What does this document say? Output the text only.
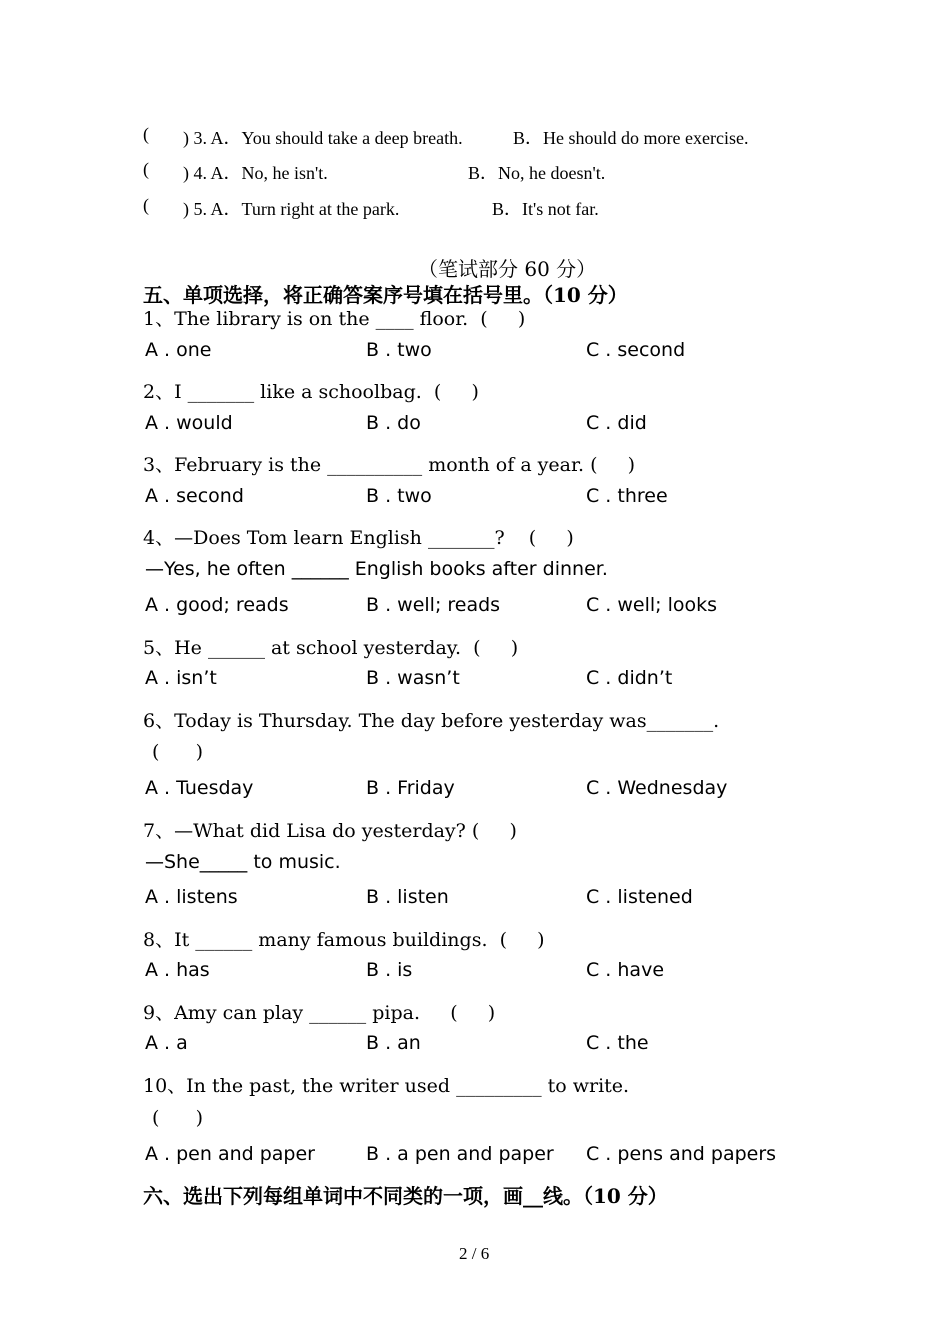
( ) 3. A．You should take a deep breath.	B．He should do more exercise.
( ) 4. A．No, he isn't.	B．No, he doesn't.
( ) 5. A．Turn right at the park.	B．It's not far.
（笔试部分 60 分）
五、单项选择，将正确答案序号填在括号里。（10 分）
1、The library is on the ____ floor.  (     )
A . one	B . two	C . second
2、I _______ like a schoolbag.  (     )
A . would	B . do	C . did
3、February is the __________ month of a year. (     )
A . second	B . two	C . three
4、—Does Tom learn English _______?    (     )
—Yes, he often ______ English books after dinner.
A . good; reads	B . well; reads	C . well; looks
5、He ______ at school yesterday.  (     )
A . isn’t	B . wasn’t	C . didn’t
6、Today is Thursday. The day before yesterday was_______.
(      )
A . Tuesday	B . Friday	C . Wednesday
7、—What did Lisa do yesterday? (     )
—She_____ to music.
A . listens	B . listen	C . listened
8、It ______ many famous buildings.  (     )
A . has	B . is	C . have
9、Amy can play ______ pipa.     (     )
A . a	B . an	C . the
10、In the past, the writer used _________ to write.
(      )
A . pen and paper	B . a pen and paper C . pens and papers
六、选出下列每组单词中不同类的一项，画__线。（10 分）
2 / 6
